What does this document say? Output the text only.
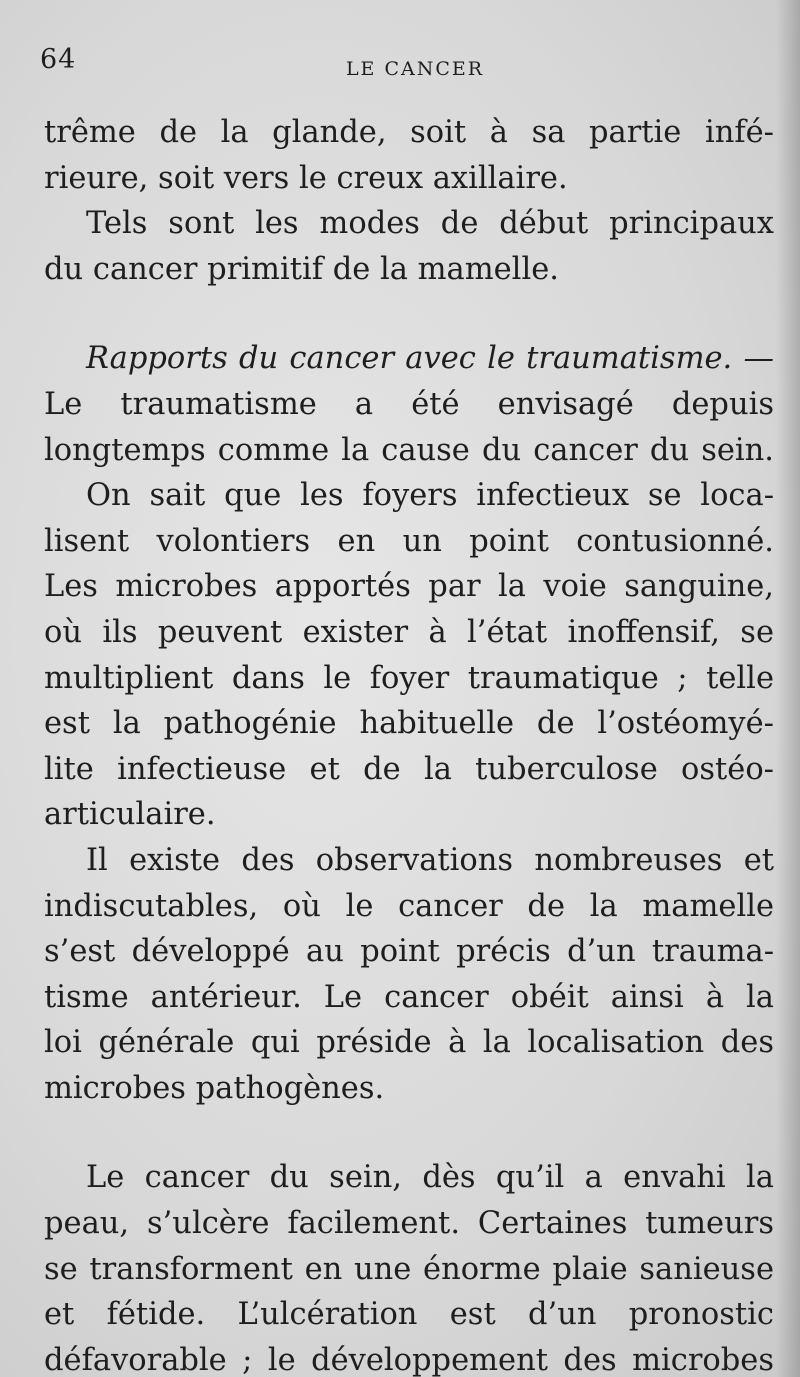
64	LE CANCER
trême de la glande, soit à sa partie infé-
rieure, soit vers le creux axillaire.
Tels sont les modes de début principaux
du cancer primitif de la mamelle.
Rapports du cancer avec le traumatisme. —
Le traumatisme a été envisagé depuis
longtemps comme la cause du cancer du sein.
On sait que les foyers infectieux se loca-
lisent volontiers en un point contusionné.
Les microbes apportés par la voie sanguine,
où ils peuvent exister à l’état inoffensif, se
multiplient dans le foyer traumatique ; telle
est la pathogénie habituelle de l’ostéomyé-
lite infectieuse et de la tuberculose ostéo-
articulaire.
Il existe des observations nombreuses et
indiscutables, où le cancer de la mamelle
s’est développé au point précis d’un trauma-
tisme antérieur. Le cancer obéit ainsi à la
loi générale qui préside à la localisation des
microbes pathogènes.
Le cancer du sein, dès qu’il a envahi la
peau, s’ulcère facilement. Certaines tumeurs
se transforment en une énorme plaie sanieuse
et fétide. L’ulcération est d’un pronostic
défavorable ; le développement des microbes
